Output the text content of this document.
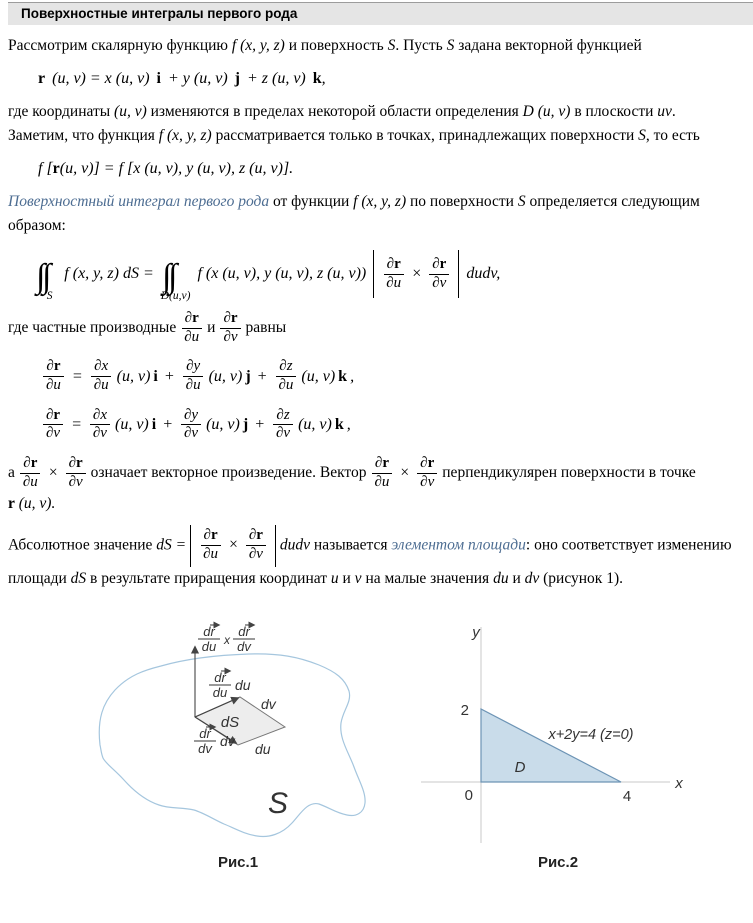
Поверхностные интегралы первого рода

Рассмотрим скалярную функцию f (x, y, z) и поверхность S. Пусть S задана векторной функцией

r (u, v) = x (u, v) i + y (u, v) j + z (u, v) k ,

где координаты (u, v) изменяются в пределах некоторой области определения D (u, v) в плоскости uv.
Заметим, что функция f (x, y, z) рассматривается только в точках, принадлежащих поверхности S, то есть

f [ r (u, v)] = f [x (u, v), y (u, v), z (u, v)].

Поверхностный интеграл первого рода от функции f (x, y, z) по поверхности S определяется следующим
образом:

S
f (x, y, z) dS =
D(u,v)
f (x (u, v), y (u, v), z (u, $v)) \frac{\partial r}{\partial u} \times \frac{\partial r}{\partial v}$ dudv,

где частные производные $\frac{\partial r}{\partial u}$ и $\frac{\partial r}{\partial v}$ равны

$\frac{\partial r}{\partial u} = \frac{\partial x}{\partial u} (u$, v) $i + \frac{\partial y}{\partial u} (u$, v) $j + \frac{\partial z}{\partial u} (u$, v) k ,
$\frac{\partial r}{\partial v} = \frac{\partial x}{\partial v} (u$, v) $i + \frac{\partial y}{\partial v} (u$, v) $j + \frac{\partial z}{\partial v} (u$, v) k ,

а $\frac{\partial r}{\partial u} \times \frac{\partial r}{\partial v}$ означает векторное произведение. Вектор $\frac{\partial r}{\partial u} \times \frac{\partial r}{\partial v}$ перпендикулярен поверхности в точке
r (u, v).

Абсолютное значение dS = $\frac{\partial r}{\partial u} \times \frac{\partial r}{\partial v}$ dudv называется элементом площади: оно соответствует изменению
площади dS в результате приращения координат u и v на малые значения du и dv (рисунок 1).

dr
du x
dr
dv
dr
du du
dr
dv dv
dv
du
dS
S
Рис.1
y
x
2
0	4
D
x+2y=4 (z=0)
Рис.2
